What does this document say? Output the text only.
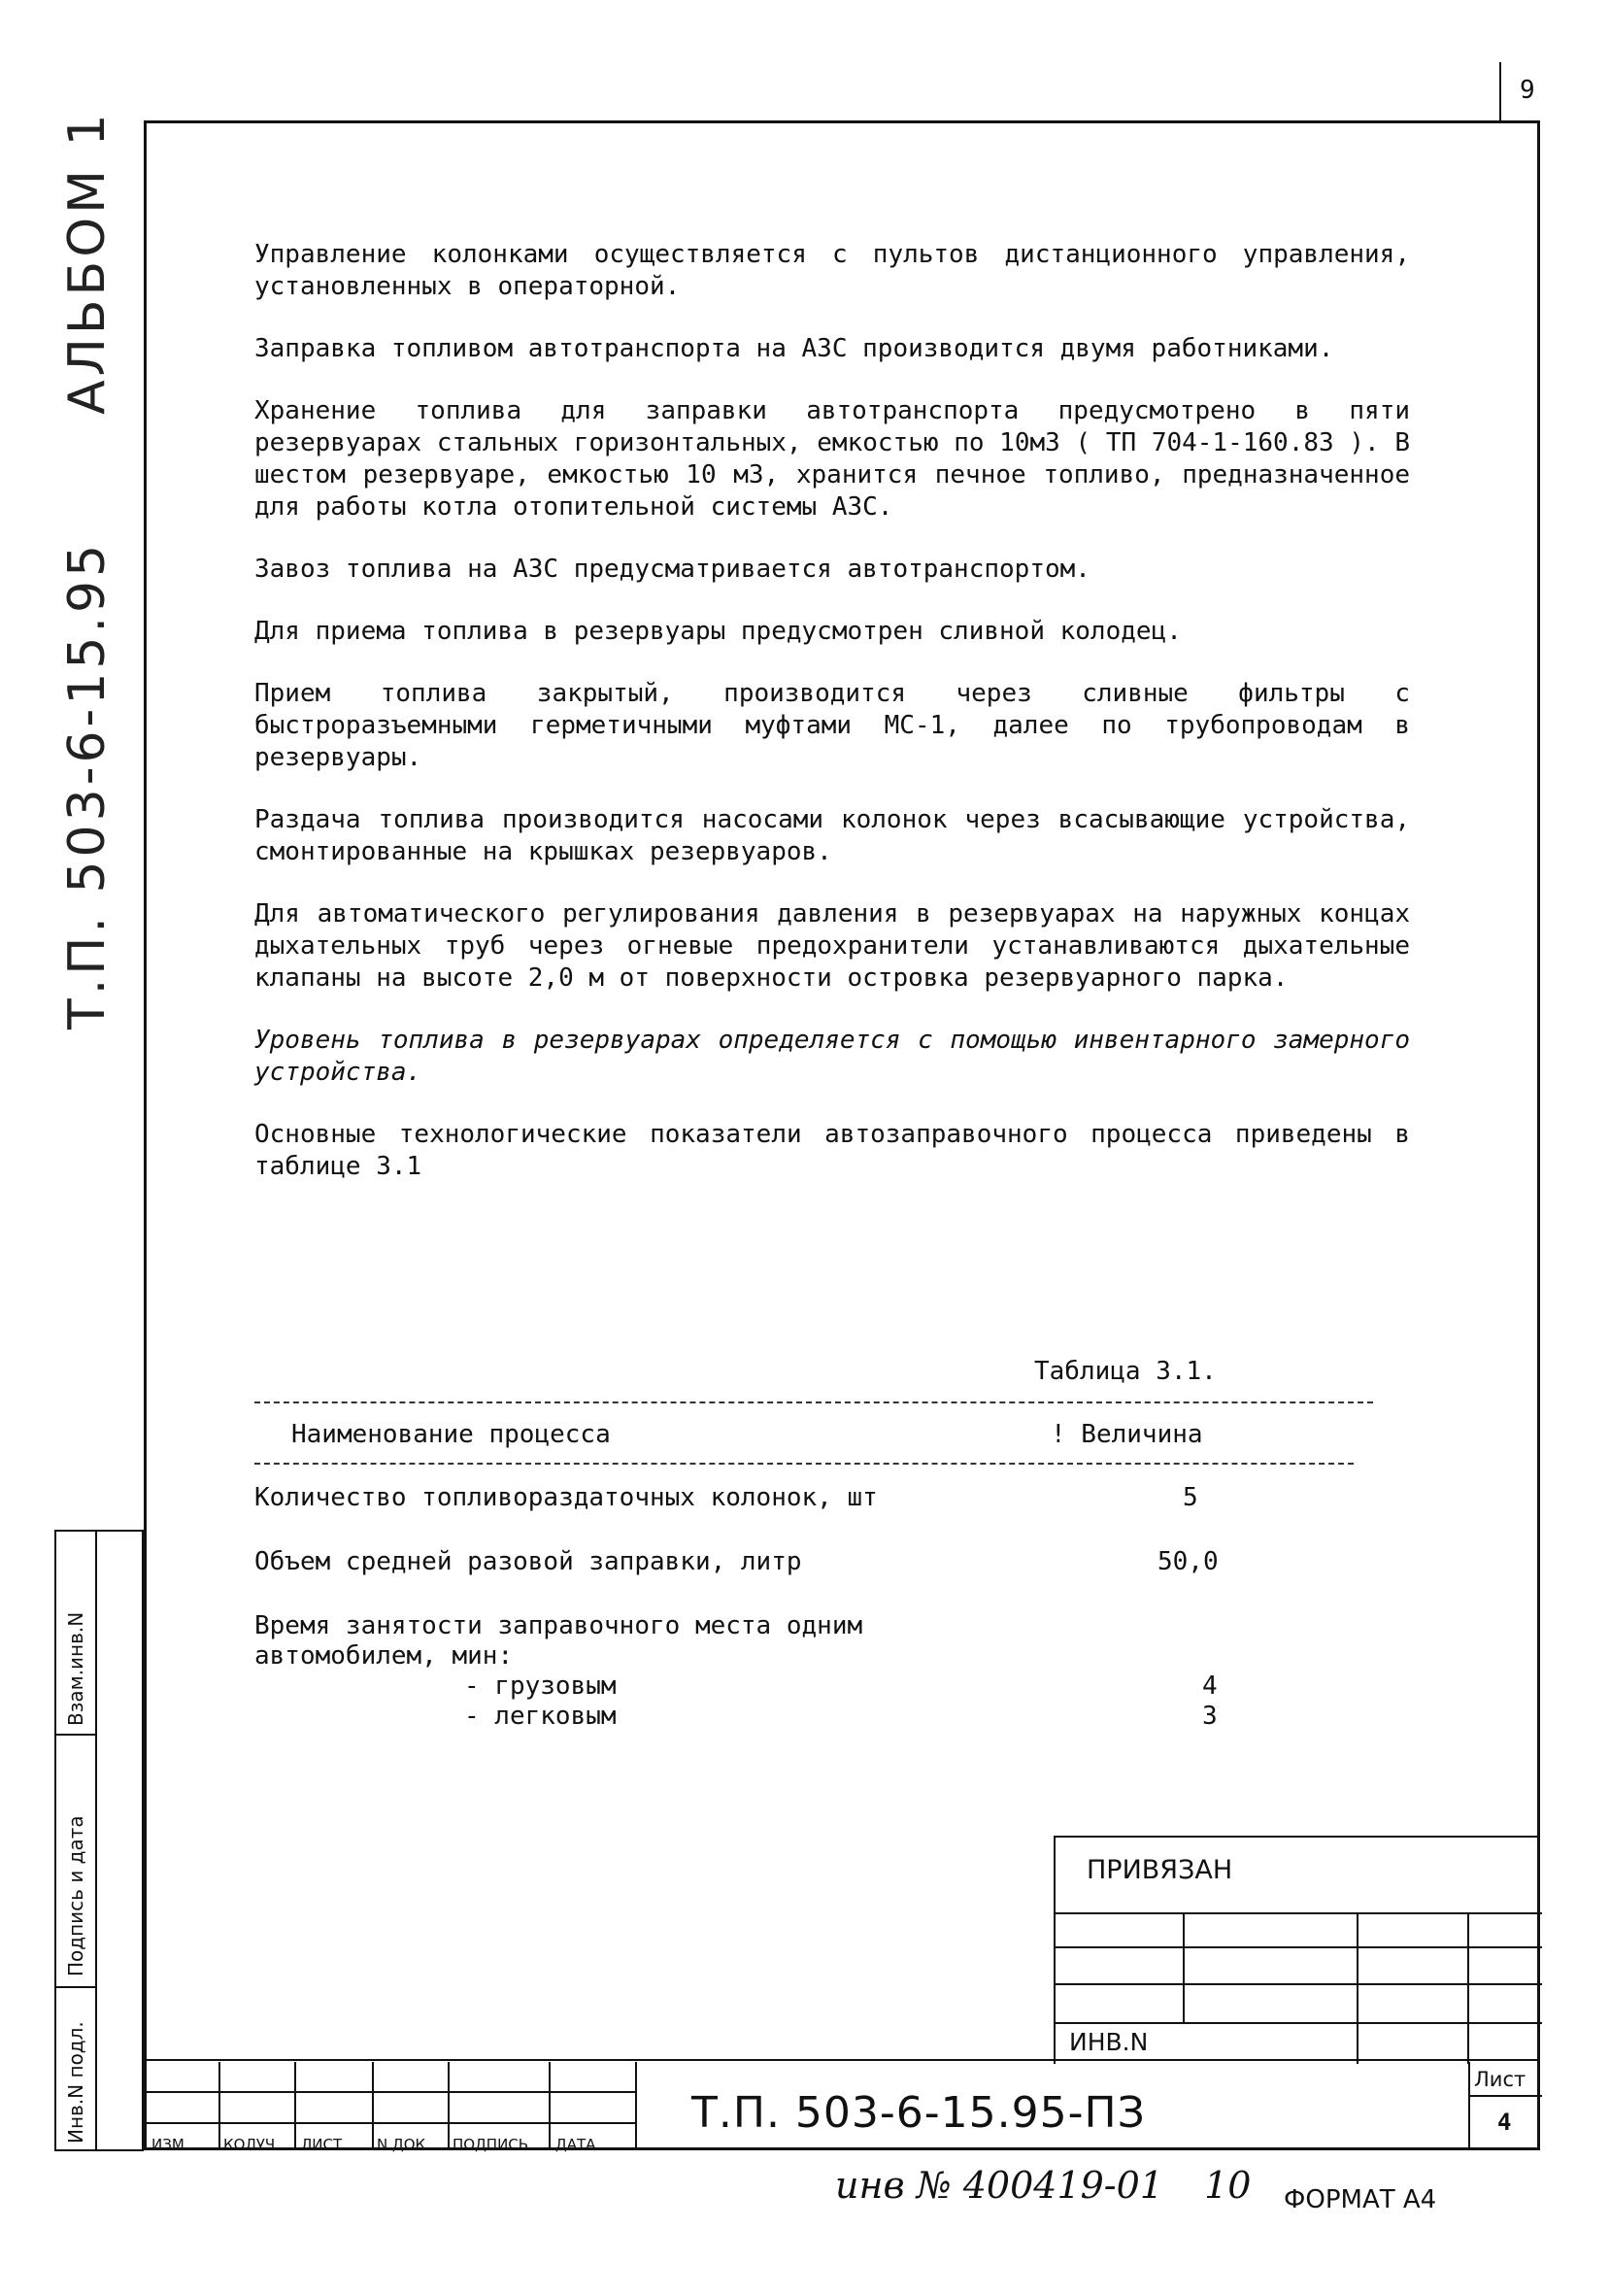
9
Т.П. 503-6-15.95АЛЬБОМ 1	Управление колонками осуществляется с пультов дистанционного управления, установленных в операторной.

Заправка топливом автотранспорта на АЗС производится двумя работниками.

Хранение топлива для заправки автотранспорта предусмотрено в пяти резервуарах стальных горизонтальных, емкостью по 10м3 ( ТП 704-1-160.83 ). В шестом резервуаре, емкостью 10 м3, хранится печное топливо, предназначенное для работы котла отопительной системы АЗС.

Завоз топлива на АЗС предусматривается автотранспортом.

Для приема топлива в резервуары предусмотрен сливной колодец.

Прием топлива закрытый, производится через сливные фильтры с быстроразъемными герметичными муфтами МС-1, далее по трубопроводам в резервуары.

Раздача топлива производится насосами колонок через всасывающие устройства, смонтированные на крышках резервуаров.

Для автоматического регулирования давления в резервуарах на наружных концах дыхательных труб через огневые предохранители устанавливаются дыхательные клапаны на высоте 2,0 м от поверхности островка резервуарного парка.

Уровень топлива в резервуарах определяется с помощью инвентарного замерного устройства.

Основные технологические показатели автозаправочного процесса приведены в таблице 3.1

Таблица 3.1.
Наименование процесса	! Величина
Количество топливораздаточных колонок, шт	5
Объем средней разовой заправки, литр	50,0
Время занятости заправочного места одним
автомобилем, мин:
- грузовым	4
- легковым	3
Взам.инв.N
Подпись и дата
Инв.N подл.
ПРИВЯЗАН
ИНВ.N
ИЗМ. КОЛУЧ. ЛИСТ N ДОК. ПОДПИСЬ ДАТА
Т.П. 503-6-15.95-ПЗ
Лист
4
инв № 400419-01 10 ФОРМАТ А4
